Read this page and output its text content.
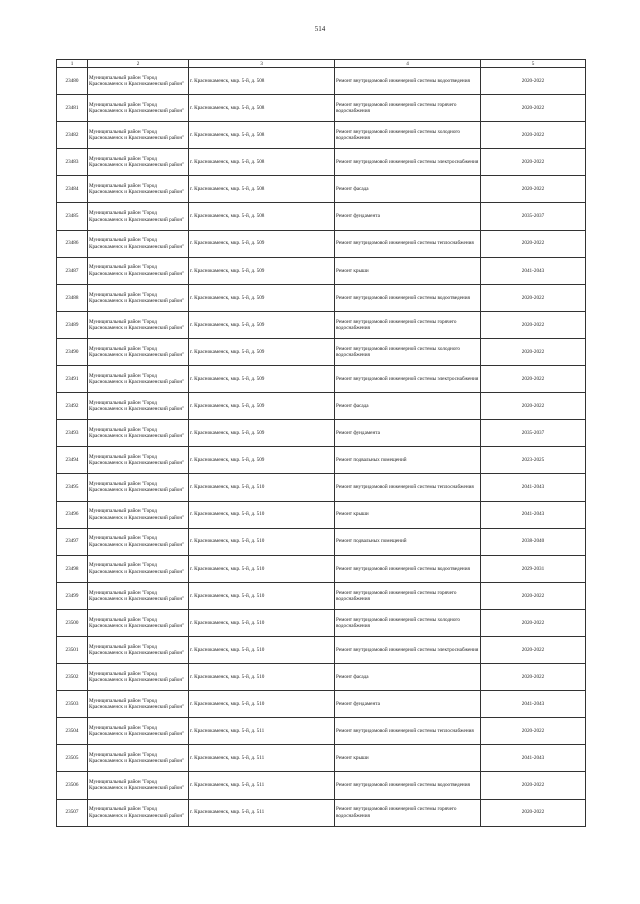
514
1	2	3	4	5
23480	Муниципальный район "Город Краснокаменск и Краснокаменский район"	г. Краснокаменск, мкр. 5-й, д. 508	Ремонт внутридомовой инженерной системы водоотведения	2020-2022
23481	Муниципальный район "Город Краснокаменск и Краснокаменский район"	г. Краснокаменск, мкр. 5-й, д. 508	Ремонт внутридомовой инженерной системы горячего водоснабжения	2020-2022
23482	Муниципальный район "Город Краснокаменск и Краснокаменский район"	г. Краснокаменск, мкр. 5-й, д. 508	Ремонт внутридомовой инженерной системы холодного водоснабжения	2020-2022
23483	Муниципальный район "Город Краснокаменск и Краснокаменский район"	г. Краснокаменск, мкр. 5-й, д. 508	Ремонт внутридомовой инженерной системы электроснабжения	2020-2022
23484	Муниципальный район "Город Краснокаменск и Краснокаменский район"	г. Краснокаменск, мкр. 5-й, д. 508	Ремонт фасада	2020-2022
23485	Муниципальный район "Город Краснокаменск и Краснокаменский район"	г. Краснокаменск, мкр. 5-й, д. 508	Ремонт фундамента	2035-2037
23486	Муниципальный район "Город Краснокаменск и Краснокаменский район"	г. Краснокаменск, мкр. 5-й, д. 509	Ремонт внутридомовой инженерной системы теплоснабжения	2020-2022
23487	Муниципальный район "Город Краснокаменск и Краснокаменский район"	г. Краснокаменск, мкр. 5-й, д. 509	Ремонт крыши	2041-2043
23488	Муниципальный район "Город Краснокаменск и Краснокаменский район"	г. Краснокаменск, мкр. 5-й, д. 509	Ремонт внутридомовой инженерной системы водоотведения	2020-2022
23489	Муниципальный район "Город Краснокаменск и Краснокаменский район"	г. Краснокаменск, мкр. 5-й, д. 509	Ремонт внутридомовой инженерной системы горячего водоснабжения	2020-2022
23490	Муниципальный район "Город Краснокаменск и Краснокаменский район"	г. Краснокаменск, мкр. 5-й, д. 509	Ремонт внутридомовой инженерной системы холодного водоснабжения	2020-2022
23491	Муниципальный район "Город Краснокаменск и Краснокаменский район"	г. Краснокаменск, мкр. 5-й, д. 509	Ремонт внутридомовой инженерной системы электроснабжения	2020-2022
23492	Муниципальный район "Город Краснокаменск и Краснокаменский район"	г. Краснокаменск, мкр. 5-й, д. 509	Ремонт фасада	2020-2022
23493	Муниципальный район "Город Краснокаменск и Краснокаменский район"	г. Краснокаменск, мкр. 5-й, д. 509	Ремонт фундамента	2035-2037
23494	Муниципальный район "Город Краснокаменск и Краснокаменский район"	г. Краснокаменск, мкр. 5-й, д. 509	Ремонт подвальных помещений	2023-2025
23495	Муниципальный район "Город Краснокаменск и Краснокаменский район"	г. Краснокаменск, мкр. 5-й, д. 510	Ремонт внутридомовой инженерной системы теплоснабжения	2041-2043
23496	Муниципальный район "Город Краснокаменск и Краснокаменский район"	г. Краснокаменск, мкр. 5-й, д. 510	Ремонт крыши	2041-2043
23497	Муниципальный район "Город Краснокаменск и Краснокаменский район"	г. Краснокаменск, мкр. 5-й, д. 510	Ремонт подвальных помещений	2038-2040
23498	Муниципальный район "Город Краснокаменск и Краснокаменский район"	г. Краснокаменск, мкр. 5-й, д. 510	Ремонт внутридомовой инженерной системы водоотведения	2029-2031
23499	Муниципальный район "Город Краснокаменск и Краснокаменский район"	г. Краснокаменск, мкр. 5-й, д. 510	Ремонт внутридомовой инженерной системы горячего водоснабжения	2020-2022
23500	Муниципальный район "Город Краснокаменск и Краснокаменский район"	г. Краснокаменск, мкр. 5-й, д. 510	Ремонт внутридомовой инженерной системы холодного водоснабжения	2020-2022
23501	Муниципальный район "Город Краснокаменск и Краснокаменский район"	г. Краснокаменск, мкр. 5-й, д. 510	Ремонт внутридомовой инженерной системы электроснабжения	2020-2022
23502	Муниципальный район "Город Краснокаменск и Краснокаменский район"	г. Краснокаменск, мкр. 5-й, д. 510	Ремонт фасада	2020-2022
23503	Муниципальный район "Город Краснокаменск и Краснокаменский район"	г. Краснокаменск, мкр. 5-й, д. 510	Ремонт фундамента	2041-2043
23504	Муниципальный район "Город Краснокаменск и Краснокаменский район"	г. Краснокаменск, мкр. 5-й, д. 511	Ремонт внутридомовой инженерной системы теплоснабжения	2020-2022
23505	Муниципальный район "Город Краснокаменск и Краснокаменский район"	г. Краснокаменск, мкр. 5-й, д. 511	Ремонт крыши	2041-2043
23506	Муниципальный район "Город Краснокаменск и Краснокаменский район"	г. Краснокаменск, мкр. 5-й, д. 511	Ремонт внутридомовой инженерной системы водоотведения	2020-2022
23507	Муниципальный район "Город Краснокаменск и Краснокаменский район"	г. Краснокаменск, мкр. 5-й, д. 511	Ремонт внутридомовой инженерной системы горячего водоснабжения	2020-2022
